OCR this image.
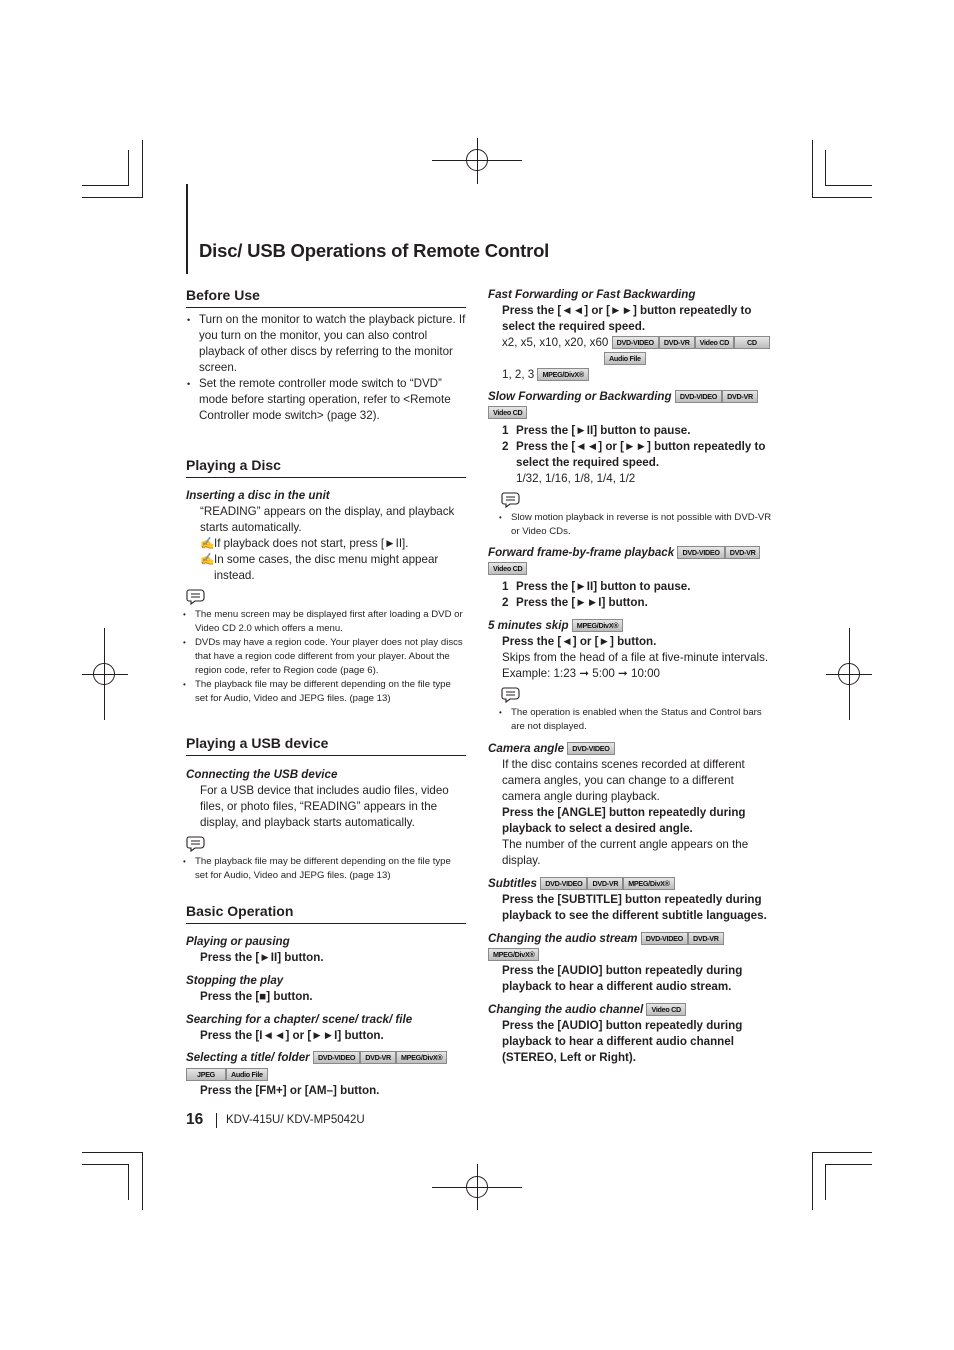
Disc/ USB Operations of Remote Control
Before Use
• Turn on the monitor to watch the playback picture. If you turn on the monitor, you can also control playback of other discs by referring to the monitor screen.
• Set the remote controller mode switch to “DVD” mode before starting operation, refer to <Remote Controller mode switch> (page 32).
Playing a Disc
Inserting a disc in the unit
“READING” appears on the display, and playback starts automatically.
✍If playback does not start, press [►II].
✍ In some cases, the disc menu might appear instead.
• The menu screen may be displayed first after loading a DVD or Video CD 2.0 which offers a menu.
• DVDs may have a region code. Your player does not play discs that have a region code different from your player. About the region code, refer to Region code (page 6).
• The playback file may be different depending on the file type set for Audio, Video and JEPG files. (page 13)
Playing a USB device
Connecting the USB device
For a USB device that includes audio files, video files, or photo files, “READING” appears in the display, and playback starts automatically.
• The playback file may be different depending on the file type set for Audio, Video and JEPG files. (page 13)
Basic Operation
Playing or pausing
Press the [►II] button.
Stopping the play
Press the [■] button.
Searching for a chapter/ scene/ track/ file
Press the [I◄◄] or [►►I] button.
Selecting a title/ folder DVD-VIDEO DVD-VR MPEG/DivX®
JPEG Audio File
Press the [FM+] or [AM–] button.
Fast Forwarding or Fast Backwarding
Press the [◄◄] or [►►] button repeatedly to select the required speed.
x2, x5, x10, x20, x60 DVD-VIDEO DVD-VR Video CD	CD
Audio File
1, 2, 3 MPEG/DivX®
Slow Forwarding or Backwarding DVD-VIDEO DVD-VR
Video CD
1 Press the [►II] button to pause.
2 Press the [◄◄] or [►►] button repeatedly to select the required speed.
1/32, 1/16, 1/8, 1/4, 1/2
• Slow motion playback in reverse is not possible with DVD-VR or Video CDs.
Forward frame-by-frame playback DVD-VIDEO DVD-VR
Video CD
1 Press the [►II] button to pause.
2 Press the [►►I] button.
5 minutes skip MPEG/DivX®
Press the [◄] or [►] button.
Skips from the head of a file at five-minute intervals.
Example: 1:23 ➞ 5:00 ➞ 10:00
• The operation is enabled when the Status and Control bars are not displayed.
Camera angle DVD-VIDEO
If the disc contains scenes recorded at different camera angles, you can change to a different camera angle during playback.
Press the [ANGLE] button repeatedly during playback to select a desired angle.
The number of the current angle appears on the display.
Subtitles DVD-VIDEO DVD-VR MPEG/DivX®
Press the [SUBTITLE] button repeatedly during playback to see the different subtitle languages.
Changing the audio stream DVD-VIDEO DVD-VR
MPEG/DivX®
Press the [AUDIO] button repeatedly during playback to hear a different audio stream.
Changing the audio channel Video CD
Press the [AUDIO] button repeatedly during playback to hear a different audio channel (STEREO, Left or Right).
16 KDV-415U/ KDV-MP5042U
